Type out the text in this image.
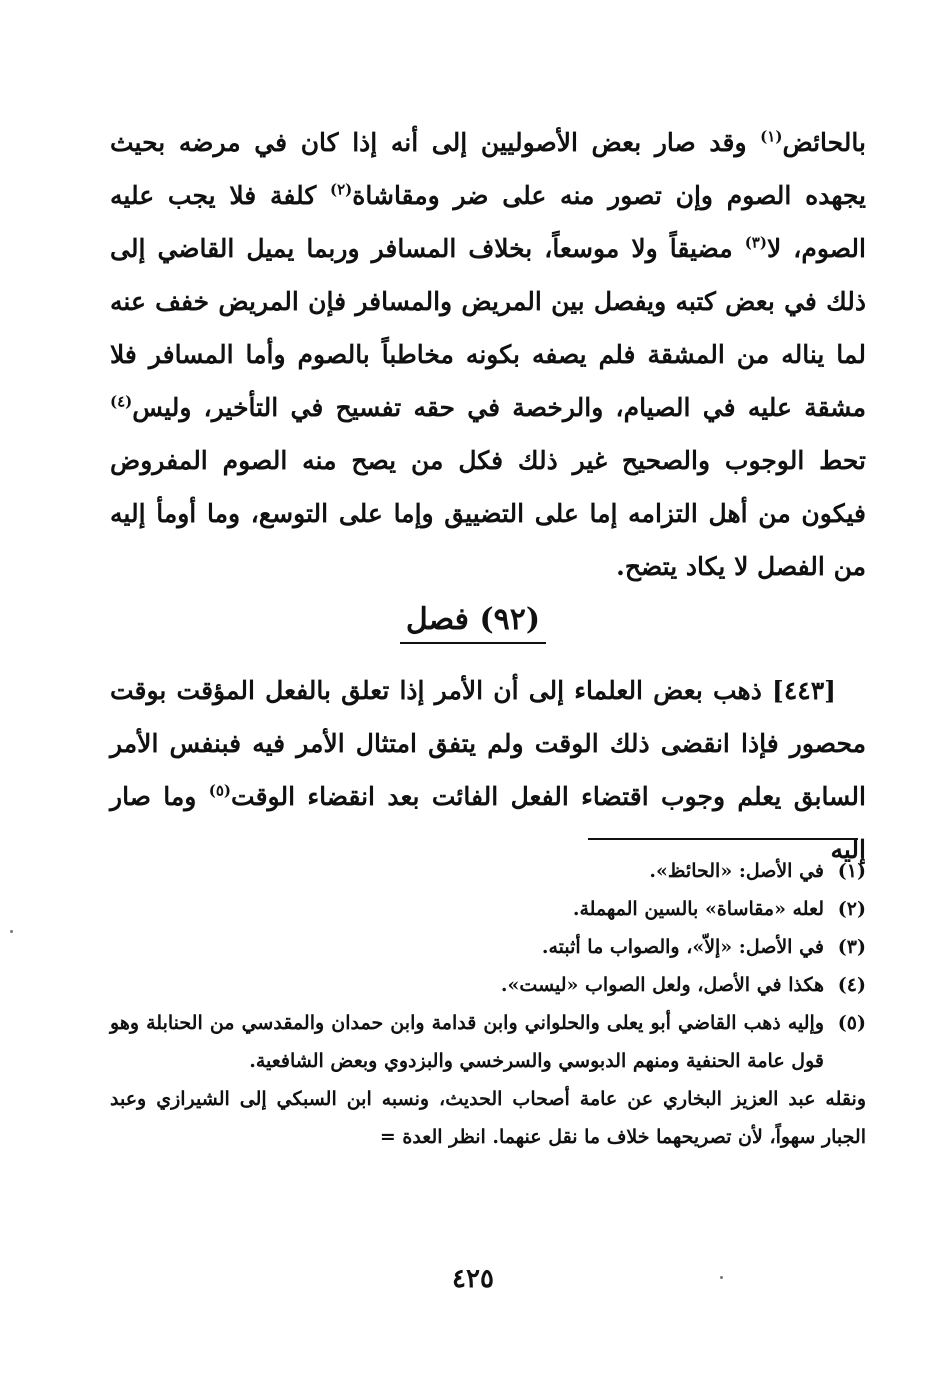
بالحائض$^{(١)}$ وقد صار بعض الأصوليين إلى أنه إذا كان في مرضه بحيث يجهده الصوم وإن تصور منه على ضر ومقاشاة$^{(٢)}$ كلفة فلا يجب عليه الصوم، لا$^{(٣)}$ مضيقاً ولا موسعاً، بخلاف المسافر وربما يميل القاضي إلى ذلك في بعض كتبه ويفصل بين المريض والمسافر فإن المريض خفف عنه لما يناله من المشقة فلم يصفه بكونه مخاطباً بالصوم وأما المسافر فلا مشقة عليه في الصيام، والرخصة في حقه تفسيح في التأخير، وليس$^{(٤)}$ تحط الوجوب والصحيح غير ذلك فكل من يصح منه الصوم المفروض فيكون من أهل التزامه إما على التضييق وإما على التوسع، وما أومأ إليه من الفصل لا يكاد يتضح.

(٩٢) فصل

[٤٤٣] ذهب بعض العلماء إلى أن الأمر إذا تعلق بالفعل المؤقت بوقت محصور فإذا انقضى ذلك الوقت ولم يتفق امتثال الأمر فيه فبنفس الأمر السابق يعلم وجوب اقتضاء الفعل الفائت بعد انقضاء الوقت$^{(٥)}$ وما صار إليه

(١)
في الأصل: «الحائظ».
(٢)
لعله «مقاساة» بالسين المهملة.
(٣)
في الأصل: «إلاّ»، والصواب ما أثبته.
(٤)
هكذا في الأصل، ولعل الصواب «ليست».
(٥)
وإليه ذهب القاضي أبو يعلى والحلواني وابن قدامة وابن حمدان والمقدسي من الحنابلة وهو قول عامة الحنفية ومنهم الدبوسي والسرخسي والبزدوي وبعض الشافعية.

ونقله عبد العزيز البخاري عن عامة أصحاب الحديث، ونسبه ابن السبكي إلى الشيرازي وعبد الجبار سهواً، لأن تصريحهما خلاف ما نقل عنهما. انظر العدة =

٤٢٥
